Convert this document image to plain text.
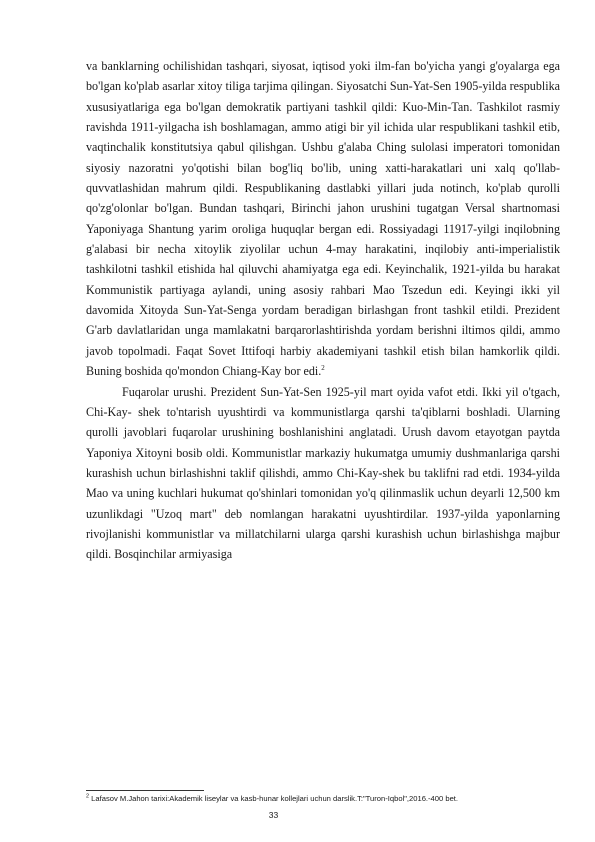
va banklarning ochilishidan tashqari, siyosat, iqtisod yoki ilm-fan bo'yicha yangi g'oyalarga ega bo'lgan ko'plab asarlar xitoy tiliga tarjima qilingan. Siyosatchi Sun-Yat-Sen 1905-yilda respublika xususiyatlariga ega bo'lgan demokratik partiyani tashkil qildi: Kuo-Min-Tan. Tashkilot rasmiy ravishda 1911-yilgacha ish boshlamagan, ammo atigi bir yil ichida ular respublikani tashkil etib, vaqtinchalik konstitutsiya qabul qilishgan. Ushbu g'alaba Ching sulolasi imperatori tomonidan siyosiy nazoratni yo'qotishi bilan bog'liq bo'lib, uning xatti-harakatlari uni xalq qo'llab-quvvatlashidan mahrum qildi. Respublikaning dastlabki yillari juda notinch, ko'plab qurolli qo'zg'olonlar bo'lgan. Bundan tashqari, Birinchi jahon urushini tugatgan Versal shartnomasi Yaponiyaga Shantung yarim oroliga huquqlar bergan edi. Rossiyadagi 11917-yilgi inqilobning g'alabasi bir necha xitoylik ziyolilar uchun 4-may harakatini, inqilobiy anti-imperialistik tashkilotni tashkil etishida hal qiluvchi ahamiyatga ega edi. Keyinchalik, 1921-yilda bu harakat Kommunistik partiyaga aylandi, uning asosiy rahbari Mao Tszedun edi. Keyingi ikki yil davomida Xitoyda Sun-Yat-Senga yordam beradigan birlashgan front tashkil etildi. Prezident G'arb davlatlaridan unga mamlakatni barqarorlashtirishda yordam berishni iltimos qildi, ammo javob topolmadi. Faqat Sovet Ittifoqi harbiy akademiyani tashkil etish bilan hamkorlik qildi. Buning boshida qo'mondon Chiang-Kay bor edi.$^2$

Fuqarolar urushi. Prezident Sun-Yat-Sen 1925-yil mart oyida vafot etdi. Ikki yil o'tgach, Chi-Kay- shek to'ntarish uyushtirdi va kommunistlarga qarshi ta'qiblarni boshladi. Ularning qurolli javoblari fuqarolar urushining boshlanishini anglatadi. Urush davom etayotgan paytda Yaponiya Xitoyni bosib oldi. Kommunistlar markaziy hukumatga umumiy dushmanlariga qarshi kurashish uchun birlashishni taklif qilishdi, ammo Chi-Kay-shek bu taklifni rad etdi. 1934-yilda Mao va uning kuchlari hukumat qo'shinlari tomonidan yo'q qilinmaslik uchun deyarli 12,500 km uzunlikdagi "Uzoq mart" deb nomlangan harakatni uyushtirdilar. 1937-yilda yaponlarning rivojlanishi kommunistlar va millatchilarni ularga qarshi kurashish uchun birlashishga majbur qildi. Bosqinchilar armiyasiga

$^2$ Lafasov M.Jahon tarixi:Akademik liseylar va kasb-hunar kollejlari uchun darslik.T:"Turon-Iqbol",2016.-400 bet.
33
